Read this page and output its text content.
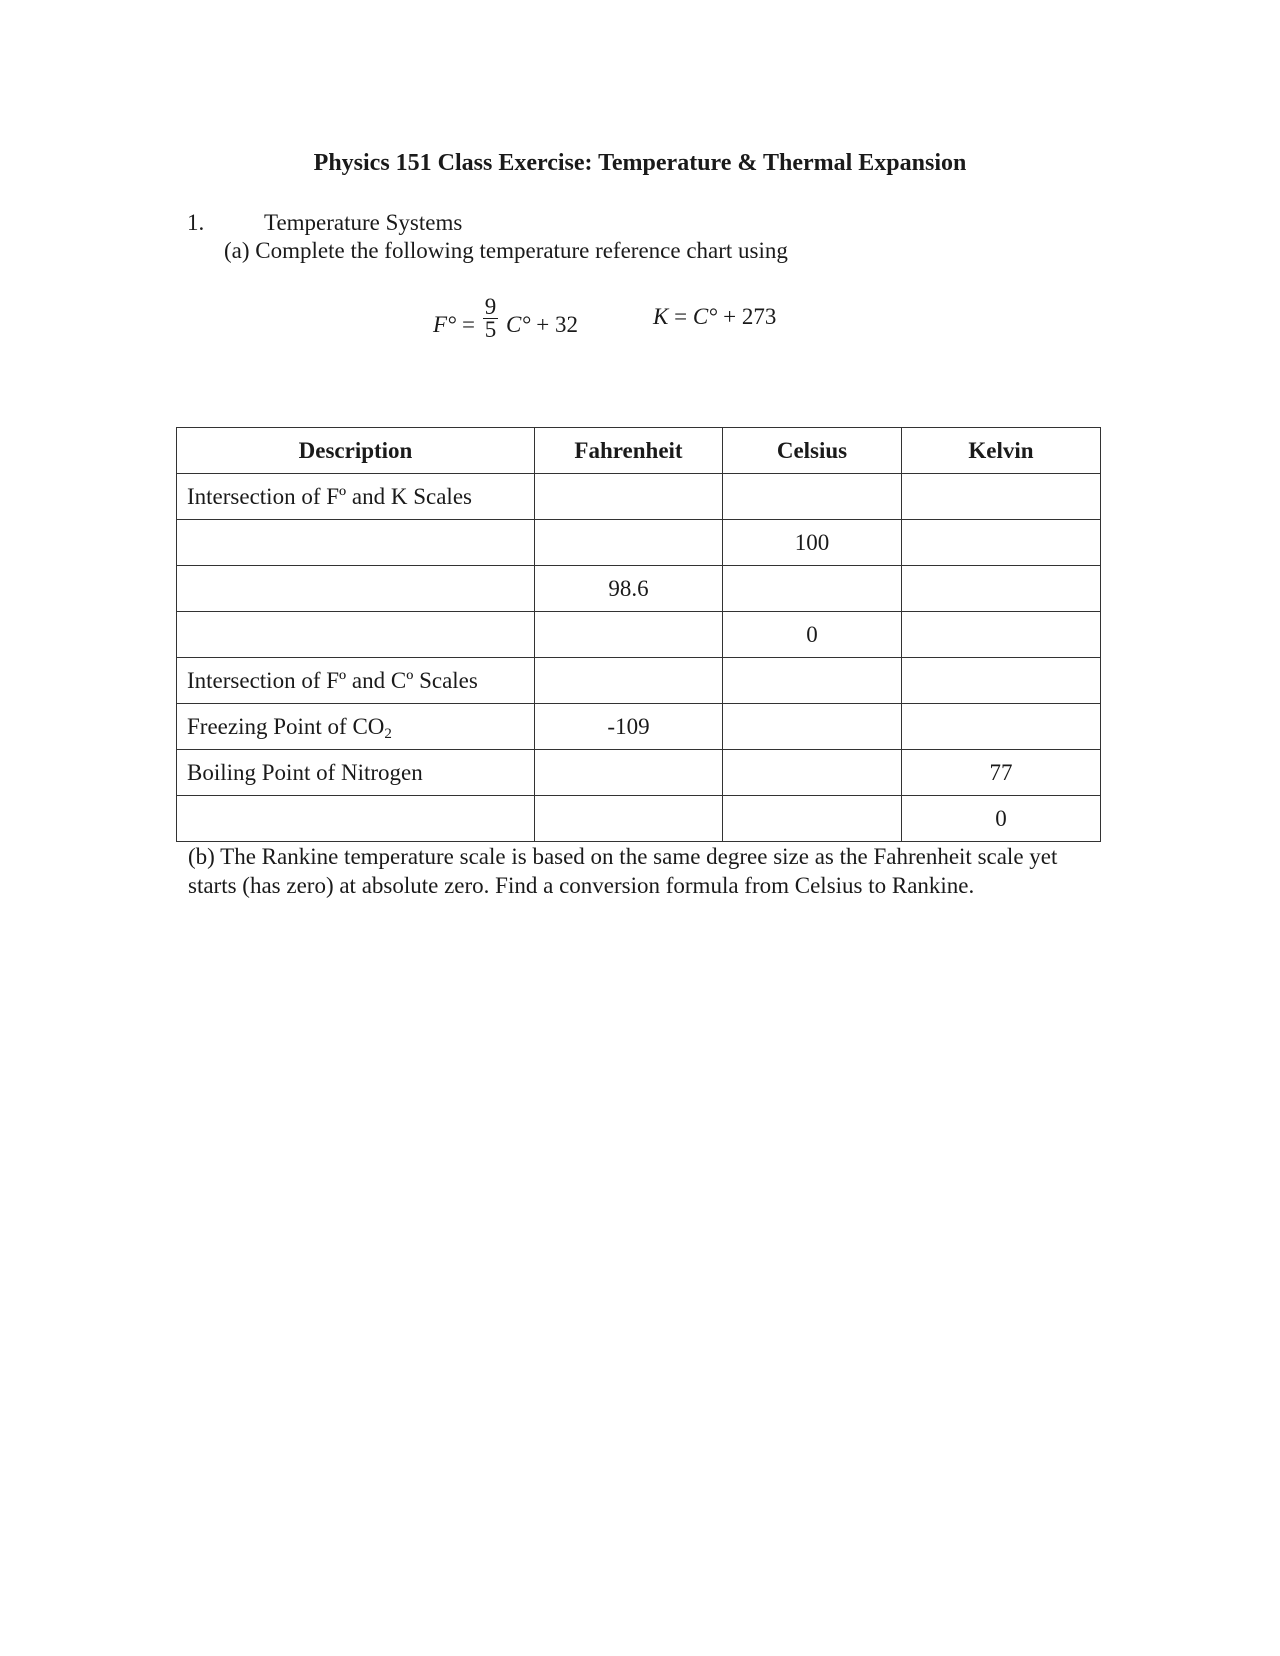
Physics 151 Class Exercise: Temperature & Thermal Expansion
1.	Temperature Systems
(a) Complete the following temperature reference chart using
$F^\circ = \frac{9}{5} C^\circ + 32$	K = C° + 273
Description	Fahrenheit	Celsius	Kelvin
Intersection of Fº and K Scales			
		100	
	98.6		
		0	
Intersection of Fº and Cº Scales			
Freezing Point of $CO_2$	-109		
Boiling Point of Nitrogen			77
			0
(b) The Rankine temperature scale is based on the same degree size as the Fahrenheit scale yet starts (has zero) at absolute zero. Find a conversion formula from Celsius to Rankine.
